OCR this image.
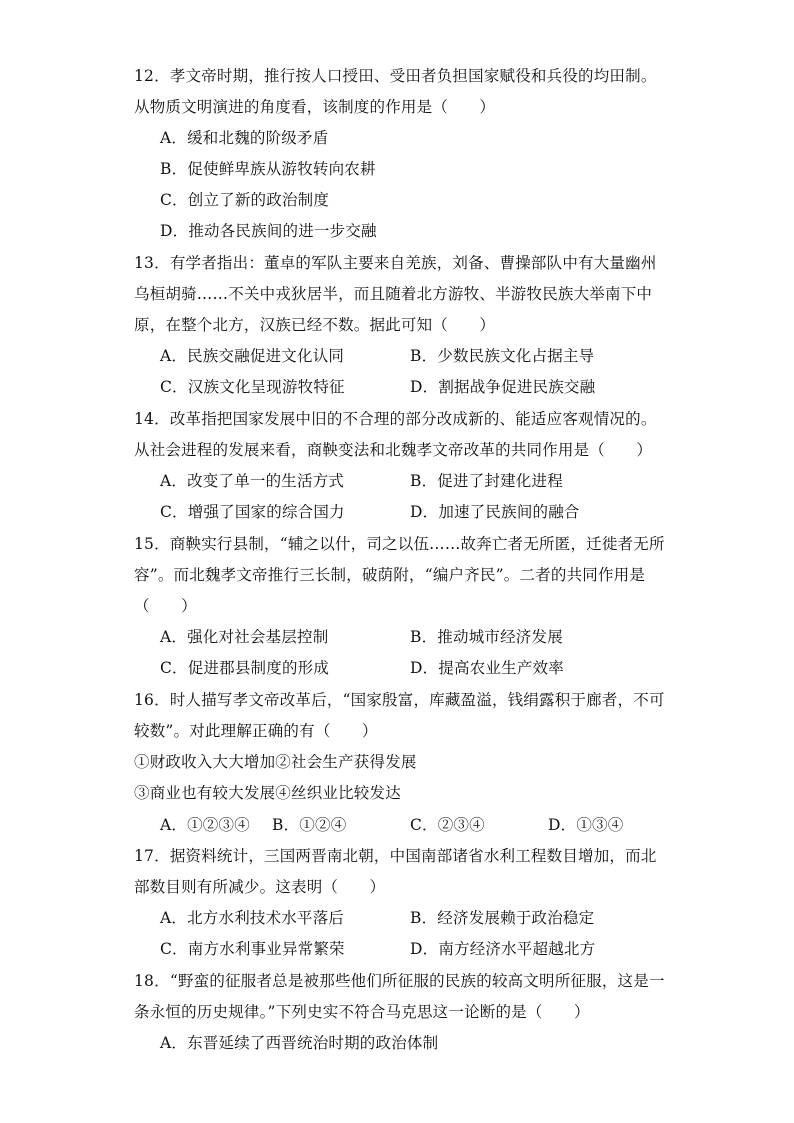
12．孝文帝时期，推行按人口授田、受田者负担国家赋役和兵役的均田制。
从物质文明演进的角度看，该制度的作用是（　　）
A．缓和北魏的阶级矛盾
B．促使鲜卑族从游牧转向农耕
C．创立了新的政治制度
D．推动各民族间的进一步交融
13．有学者指出：董卓的军队主要来自羌族，刘备、曹操部队中有大量幽州
乌桓胡骑……不关中戎狄居半，而且随着北方游牧、半游牧民族大举南下中
原，在整个北方，汉族已经不数。据此可知（　　）
A．民族交融促进文化认同	B．少数民族文化占据主导
C．汉族文化呈现游牧特征	D．割据战争促进民族交融
14．改革指把国家发展中旧的不合理的部分改成新的、能适应客观情况的。
从社会进程的发展来看，商鞅变法和北魏孝文帝改革的共同作用是（　　）
A．改变了单一的生活方式	B．促进了封建化进程
C．增强了国家的综合国力	D．加速了民族间的融合
15．商鞅实行县制，“辅之以什，司之以伍……故奔亡者无所匿，迁徙者无所
容”。而北魏孝文帝推行三长制，破荫附，“编户齐民”。二者的共同作用是
（　　）
A．强化对社会基层控制	B．推动城市经济发展
C．促进郡县制度的形成	D．提高农业生产效率
16．时人描写孝文帝改革后，“国家殷富，库藏盈溢，钱绢露积于廊者，不可
较数”。对此理解正确的有（　　）
①财政收入大大增加②社会生产获得发展
③商业也有较大发展④丝织业比较发达
A．①②③④ B．①②④	C．②③④	D．①③④
17．据资料统计，三国两晋南北朝，中国南部诸省水利工程数目增加，而北
部数目则有所减少。这表明（　　）
A．北方水利技术水平落后	B．经济发展赖于政治稳定
C．南方水利事业异常繁荣	D．南方经济水平超越北方
18．“野蛮的征服者总是被那些他们所征服的民族的较高文明所征服，这是一
条永恒的历史规律。”下列史实不符合马克思这一论断的是（　　）
A．东晋延续了西晋统治时期的政治体制
